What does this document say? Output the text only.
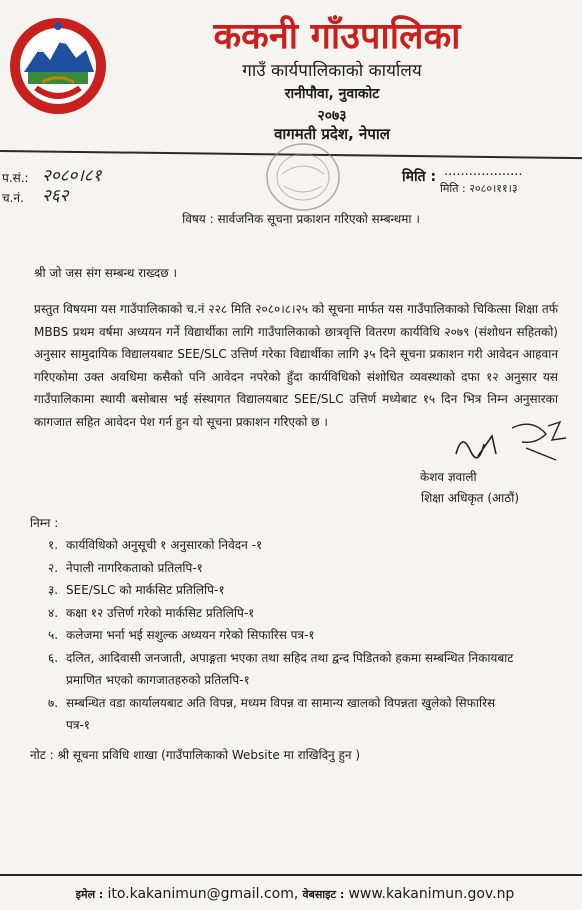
ककनी गाँउपालिका
गाउँ कार्यपालिकाको कार्यालय
रानीपौवा, नुवाकोट
२०७३
वागमती प्रदेश, नेपाल
प.सं.: २०८०।८१
च.नं. २६२
मिति : ...................
मिति : २०८०।११।३
विषय : सार्वजनिक सूचना प्रकाशन गरिएको सम्बन्धमा ।
श्री जो जस संग सम्बन्ध राख्दछ ।
प्रस्तुत विषयमा यस गाउँपालिकाको च.नं २२८ मिति २०८०।८।२५ को सूचना मार्फत यस गाउँपालिकाको चिकित्सा शिक्षा तर्फ MBBS प्रथम वर्षमा अध्ययन गर्ने विद्यार्थीका लागि गाउँपालिकाको छात्रवृत्ति वितरण कार्यविधि २०७९ (संशोधन सहितको) अनुसार सामुदायिक विद्यालयबाट SEE/SLC उत्तिर्ण गरेका विद्यार्थीका लागि ३५ दिने सूचना प्रकाशन गरी आवेदन आहवान गरिएकोमा उक्त अवधिमा कसैको पनि आवेदन नपरेको हुँदा कार्यविधिको संशोधित व्यवस्थाको दफा १२ अनुसार यस गाउँपालिकामा स्थायी बसोबास भई संस्थागत विद्यालयबाट SEE/SLC उत्तिर्ण मध्येबाट १५ दिन भित्र निम्न अनुसारका कागजात सहित आवेदन पेश गर्न हुन यो सूचना प्रकाशन गरिएको छ ।
केशव ज्ञवाली
शिक्षा अधिकृत (आठौं)
निम्न :
१. कार्यविधिको अनुसूची १ अनुसारको निवेदन -१
२. नेपाली नागरिकताको प्रतिलपि-१
३. SEE/SLC को मार्कसिट प्रतिलिपि-१
४. कक्षा १२ उत्तिर्ण गरेको मार्कसिट प्रतिलिपि-१
५. कलेजमा भर्ना भई सशुल्क अध्ययन गरेको सिफारिस पत्र-१
६. दलित, आदिवासी जनजाती, अपाङ्गता भएका तथा सहिद तथा द्वन्द पिडितको हकमा सम्बन्धित निकायबाट प्रमाणित भएको कागजातहरुको प्रतिलपि-१
७. सम्बन्धित वडा कार्यालयबाट अति विपन्न, मध्यम विपन्न वा सामान्य खालको विपन्नता खुलेको सिफारिस पत्र-१
नोट : श्री सूचना प्रविधि शाखा (गाउँपालिकाको Website मा राखिदिनु हुन )
इमेल : ito.kakanimun@gmail.com, वेबसाइट : www.kakanimun.gov.np
